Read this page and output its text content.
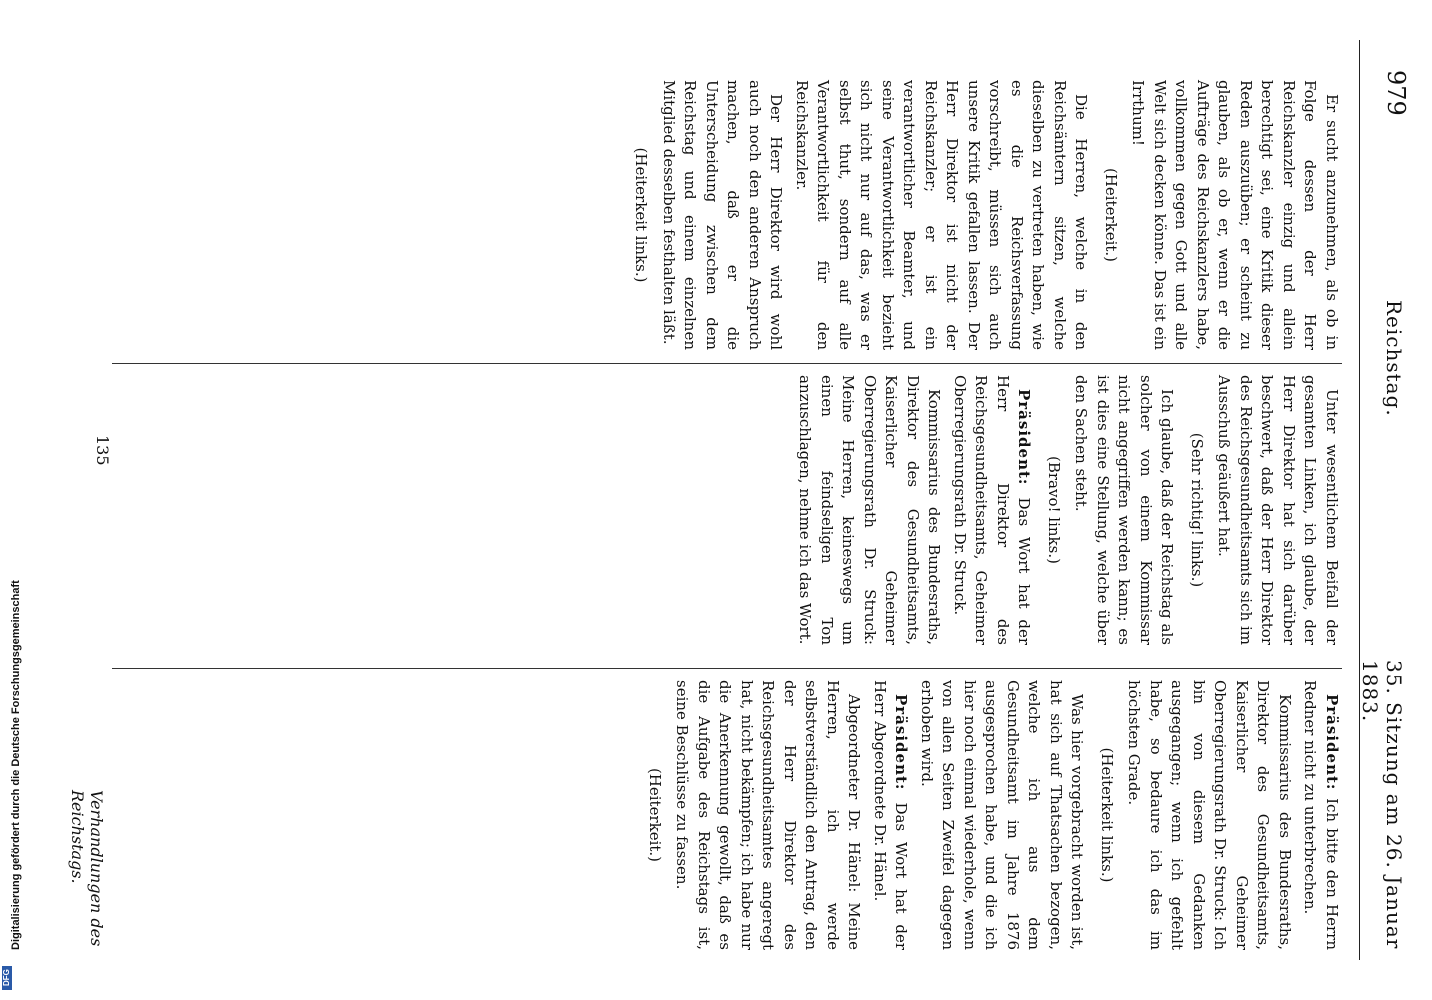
979
Reichstag.
35. Sitzung am 26. Januar 1883.

Er sucht anzunehmen, als ob in Folge dessen der Herr Reichskanzler einzig und allein berechtigt sei, eine Kritik dieser Reden auszuüben; er scheint zu glauben, als ob er, wenn er die Aufträge des Reichskanzlers habe, vollkommen gegen Gott und alle Welt sich decken könne. Das ist ein Irrthum!

(Heiterkeit.)

Die Herren, welche in den Reichsämtern sitzen, welche dieselben zu vertreten haben, wie es die Reichsverfassung vorschreibt, müssen sich auch unsere Kritik gefallen lassen. Der Herr Direktor ist nicht der Reichskanzler; er ist ein verantwortlicher Beamter, und seine Verantwortlichkeit bezieht sich nicht nur auf das, was er selbst thut, sondern auf alle Verantwortlichkeit für den Reichskanzler.

Der Herr Direktor wird wohl auch noch den anderen Anspruch machen, daß er die Unterscheidung zwischen dem Reichstag und einem einzelnen Mitglied desselben festhalten läßt.

(Heiterkeit links.)

Unter wesentlichem Beifall der gesamten Linken, ich glaube, der Herr Direktor hat sich darüber beschwert, daß der Herr Direktor des Reichsgesundheitsamts sich im Ausschuß geäußert hat.

(Sehr richtig! links.)

Ich glaube, daß der Reichstag als solcher von einem Kommissar nicht angegriffen werden kann; es ist dies eine Stellung, welche über den Sachen steht.

(Bravo! links.)

Präsident: Das Wort hat der Herr Direktor des Reichsgesundheitsamts, Geheimer Oberregierungsrath Dr. Struck.

Kommissarius des Bundesraths, Direktor des Gesundheitsamts, Kaiserlicher Geheimer Oberregierungsrath Dr. Struck: Meine Herren, keineswegs um einen feindseligen Ton anzuschlagen, nehme ich das Wort.

Präsident: Ich bitte den Herrn Redner nicht zu unterbrechen.

Kommissarius des Bundesraths, Direktor des Gesundheitsamts, Kaiserlicher Geheimer Oberregierungsrath Dr. Struck: Ich bin von diesem Gedanken ausgegangen; wenn ich gefehlt habe, so bedaure ich das im höchsten Grade.

(Heiterkeit links.)

Was hier vorgebracht worden ist, hat sich auf Thatsachen bezogen, welche ich aus dem Gesundheitsamt im Jahre 1876 ausgesprochen habe, und die ich hier noch einmal wiederhole, wenn von allen Seiten Zweifel dagegen erhoben wird.

Präsident: Das Wort hat der Herr Abgeordnete Dr. Hänel.

Abgeordneter Dr. Hänel: Meine Herren, ich werde selbstverständlich den Antrag, den der Herr Direktor des Reichsgesundheitsamtes angeregt hat, nicht bekämpfen; ich habe nur die Anerkennung gewollt, daß es die Aufgabe des Reichstags ist, seine Beschlüsse zu fassen.

(Heiterkeit.)

135
Verhandlungen des Reichstags.
Digitalisierung gefördert durch die Deutsche Forschungsgemeinschaft
DFG
